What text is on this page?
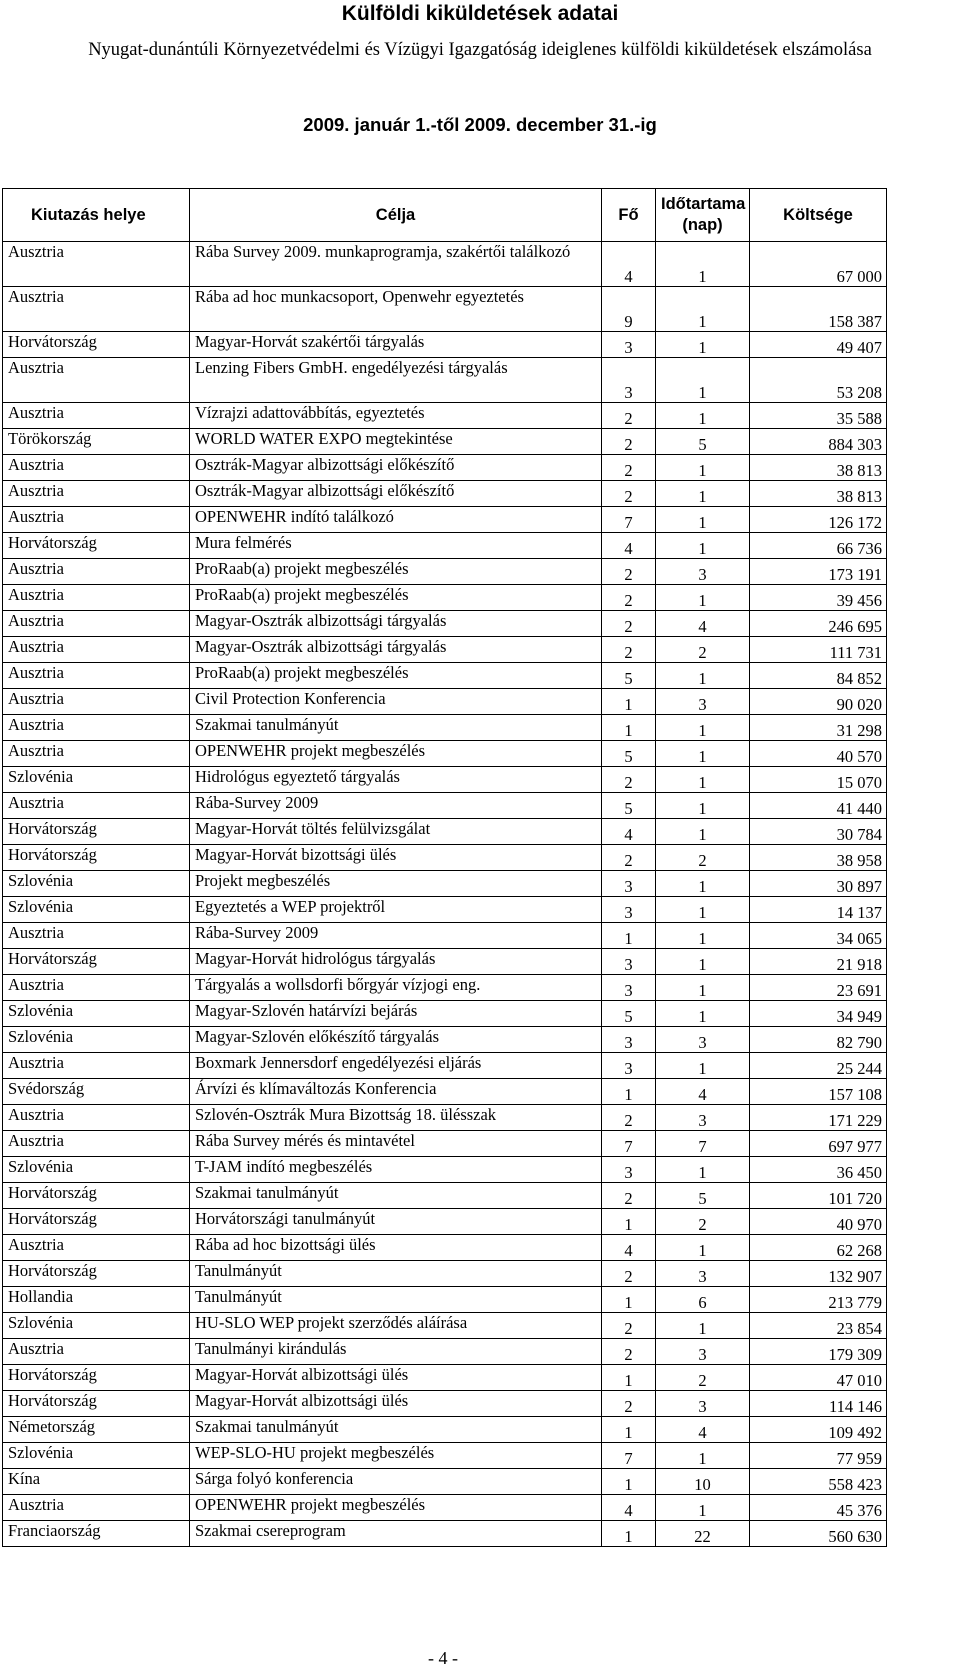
Külföldi kiküldetések adatai
Nyugat-dunántúli Környezetvédelmi és Vízügyi Igazgatóság ideiglenes külföldi kiküldetések elszámolása
2009. január 1.-től 2009. december 31.-ig
Kiutazás helye	Célja	Fő	Időtartama (nap)	Költsége
Ausztria	Rába Survey 2009. munkaprogramja, szakértői találkozó	4	1	67 000
Ausztria	Rába ad hoc munkacsoport, Openwehr egyeztetés	9	1	158 387
Horvátország	Magyar-Horvát szakértői tárgyalás	3	1	49 407
Ausztria	Lenzing Fibers GmbH. engedélyezési tárgyalás	3	1	53 208
Ausztria	Vízrajzi adattovábbítás, egyeztetés	2	1	35 588
Törökország	WORLD WATER EXPO megtekintése	2	5	884 303
Ausztria	Osztrák-Magyar albizottsági előkészítő	2	1	38 813
Ausztria	Osztrák-Magyar albizottsági előkészítő	2	1	38 813
Ausztria	OPENWEHR indító találkozó	7	1	126 172
Horvátország	Mura felmérés	4	1	66 736
Ausztria	ProRaab(a) projekt megbeszélés	2	3	173 191
Ausztria	ProRaab(a) projekt megbeszélés	2	1	39 456
Ausztria	Magyar-Osztrák albizottsági tárgyalás	2	4	246 695
Ausztria	Magyar-Osztrák albizottsági tárgyalás	2	2	111 731
Ausztria	ProRaab(a) projekt megbeszélés	5	1	84 852
Ausztria	Civil Protection Konferencia	1	3	90 020
Ausztria	Szakmai tanulmányút	1	1	31 298
Ausztria	OPENWEHR projekt megbeszélés	5	1	40 570
Szlovénia	Hidrológus egyeztető tárgyalás	2	1	15 070
Ausztria	Rába-Survey 2009	5	1	41 440
Horvátország	Magyar-Horvát töltés felülvizsgálat	4	1	30 784
Horvátország	Magyar-Horvát bizottsági ülés	2	2	38 958
Szlovénia	Projekt megbeszélés	3	1	30 897
Szlovénia	Egyeztetés a WEP projektről	3	1	14 137
Ausztria	Rába-Survey 2009	1	1	34 065
Horvátország	Magyar-Horvát hidrológus tárgyalás	3	1	21 918
Ausztria	Tárgyalás a wollsdorfi bőrgyár vízjogi eng.	3	1	23 691
Szlovénia	Magyar-Szlovén határvízi bejárás	5	1	34 949
Szlovénia	Magyar-Szlovén előkészítő tárgyalás	3	3	82 790
Ausztria	Boxmark Jennersdorf engedélyezési eljárás	3	1	25 244
Svédország	Árvízi és klímaváltozás Konferencia	1	4	157 108
Ausztria	Szlovén-Osztrák Mura Bizottság 18. ülésszak	2	3	171 229
Ausztria	Rába Survey mérés és mintavétel	7	7	697 977
Szlovénia	T-JAM indító megbeszélés	3	1	36 450
Horvátország	Szakmai tanulmányút	2	5	101 720
Horvátország	Horvátországi tanulmányút	1	2	40 970
Ausztria	Rába ad hoc bizottsági ülés	4	1	62 268
Horvátország	Tanulmányút	2	3	132 907
Hollandia	Tanulmányút	1	6	213 779
Szlovénia	HU-SLO WEP projekt szerződés aláírása	2	1	23 854
Ausztria	Tanulmányi kirándulás	2	3	179 309
Horvátország	Magyar-Horvát albizottsági ülés	1	2	47 010
Horvátország	Magyar-Horvát albizottsági ülés	2	3	114 146
Németország	Szakmai tanulmányút	1	4	109 492
Szlovénia	WEP-SLO-HU projekt megbeszélés	7	1	77 959
Kína	Sárga folyó konferencia	1	10	558 423
Ausztria	OPENWEHR projekt megbeszélés	4	1	45 376
Franciaország	Szakmai csereprogram	1	22	560 630
- 4 -
